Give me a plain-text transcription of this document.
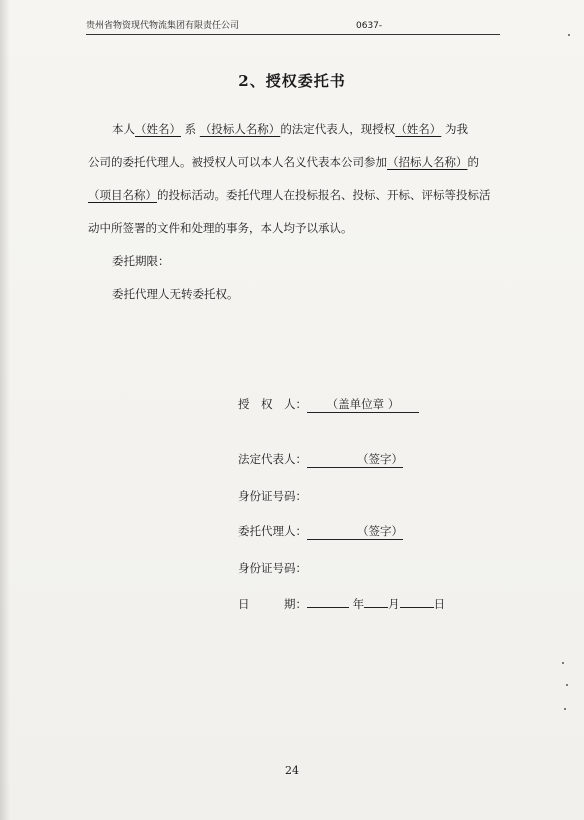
贵州省物资现代物流集团有限责任公司	0637-
2、授权委托书
本人（姓名） 系 （投标人名称）的法定代表人，现授权（姓名） 为我
公司的委托代理人。被授权人可以本人名义代表本公司参加（招标人名称）的
（项目名称）的投标活动。委托代理人在投标报名、投标、开标、评标等投标活
动中所签署的文件和处理的事务，本人均予以承认。
委托期限：
委托代理人无转委托权。
授　权　人： （盖单位章 ）
法定代表人：	（签字）
身份证号码：
委托代理人：	（签字）
身份证号码：
日　　　期：	年 月	日
24
